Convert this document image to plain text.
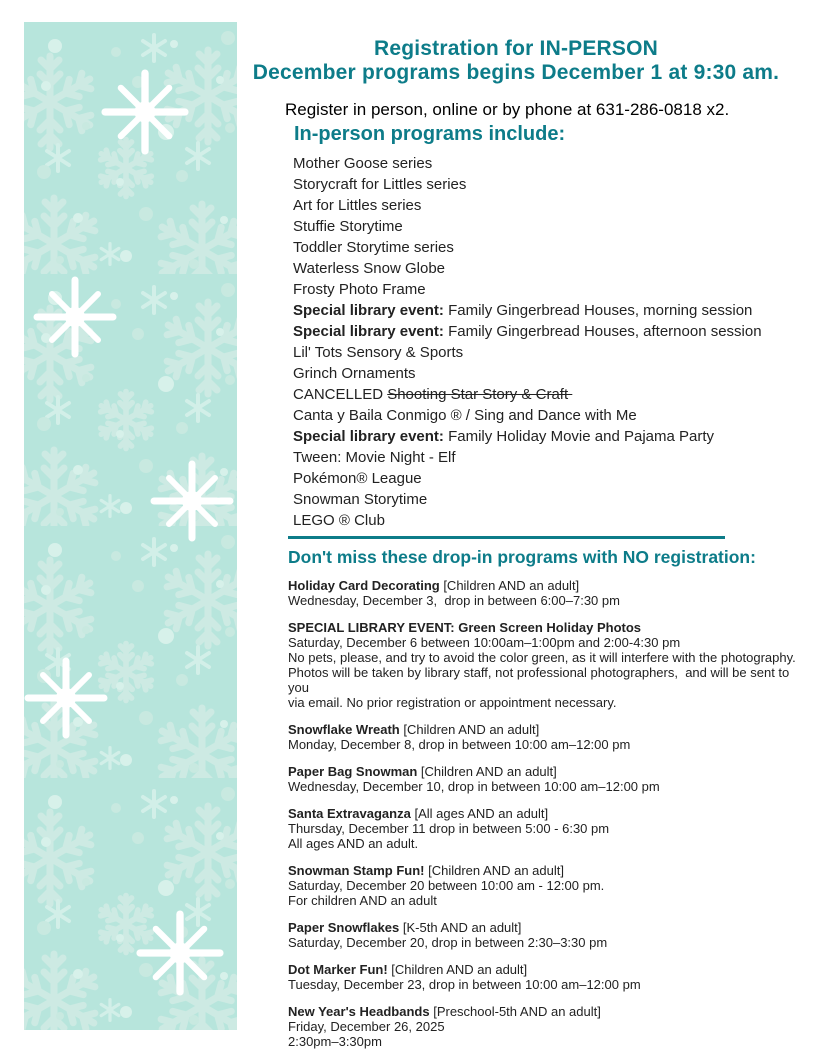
Registration for IN-PERSON
December programs begins December 1 at 9:30 am.
Register in person, online or by phone at 631-286-0818 x2.
In-person programs include:
Mother Goose series
Storycraft for Littles series
Art for Littles series
Stuffie Storytime
Toddler Storytime series
Waterless Snow Globe
Frosty Photo Frame
Special library event: Family Gingerbread Houses, morning session
Special library event: Family Gingerbread Houses, afternoon session
Lil' Tots Sensory & Sports
Grinch Ornaments
CANCELLED Shooting Star Story & Craft
Canta y Baila Conmigo ® / Sing and Dance with Me
Special library event: Family Holiday Movie and Pajama Party
Tween: Movie Night - Elf
Pokémon® League
Snowman Storytime
LEGO ® Club
Don't miss these drop-in programs with NO registration:
Holiday Card Decorating [Children AND an adult]
Wednesday, December 3,  drop in between 6:00–7:30 pm
SPECIAL LIBRARY EVENT: Green Screen Holiday Photos
Saturday, December 6 between 10:00am–1:00pm and 2:00-4:30 pm
No pets, please, and try to avoid the color green, as it will interfere with the photography.
Photos will be taken by library staff, not professional photographers,  and will be sent to you
via email. No prior registration or appointment necessary.
Snowflake Wreath [Children AND an adult]
Monday, December 8, drop in between 10:00 am–12:00 pm
Paper Bag Snowman [Children AND an adult]
Wednesday, December 10, drop in between 10:00 am–12:00 pm
Santa Extravaganza [All ages AND an adult]
Thursday, December 11 drop in between 5:00 - 6:30 pm
All ages AND an adult.
Snowman Stamp Fun! [Children AND an adult]
Saturday, December 20 between 10:00 am - 12:00 pm.
For children AND an adult
Paper Snowflakes [K-5th AND an adult]
Saturday, December 20, drop in between 2:30–3:30 pm
Dot Marker Fun! [Children AND an adult]
Tuesday, December 23, drop in between 10:00 am–12:00 pm
New Year's Headbands [Preschool-5th AND an adult]
Friday, December 26, 2025
2:30pm–3:30pm
